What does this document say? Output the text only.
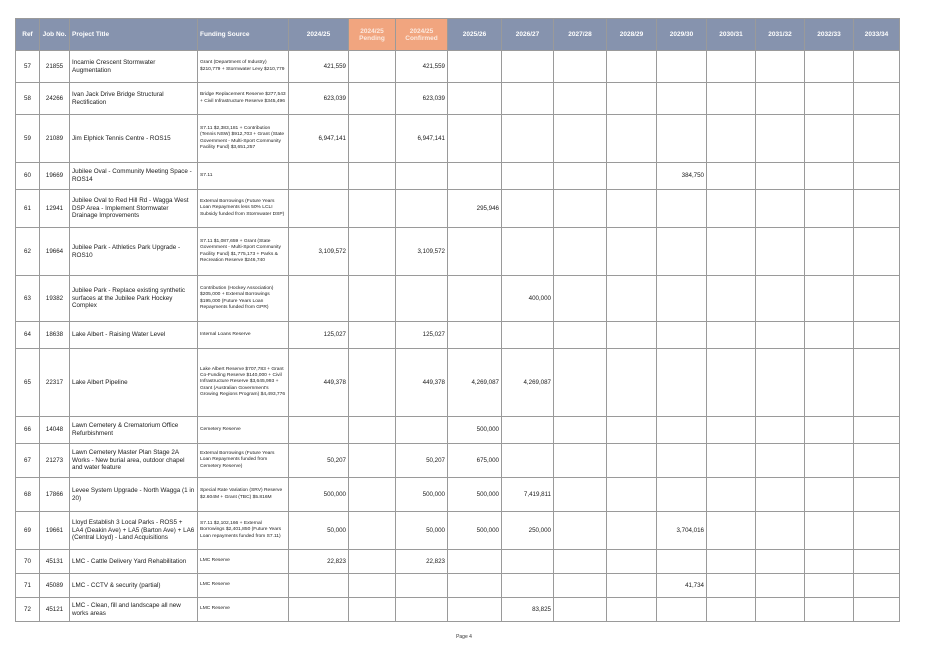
Ref	Job No.	Project Title	Funding Source	2024/25	2024/25 Pending	2024/25 Confirmed	2025/26	2026/27	2027/28	2028/29	2029/30	2030/31	2031/32	2032/33	2033/34
57	21855	Incarnie Crescent Stormwater Augmentation	Grant (Department of Industry) $210,779 + Stormwater Levy $210,779	421,559		421,559									
58	24266	Ivan Jack Drive Bridge Structural Rectification	Bridge Replacement Reserve $277,543 + Civil Infrastructure Reserve $345,496	623,039		623,039									
59	21089	Jim Elphick Tennis Centre - ROS15	S7.11 $2,383,181 + Contribution (Tennis NSW) $912,703 + Grant (State Government - Multi-Sport Community Facility Fund) $3,651,257	6,947,141		6,947,141									
60	19669	Jubilee Oval - Community Meeting Space - ROS14	S7.11								384,750				
61	12941	Jubilee Oval to Red Hill Rd - Wagga West DSP Area - Implement Stormwater Drainage Improvements	External Borrowings (Future Years Loan Repayments less 50% LCLI Subsidy funded from Stormwater DSP)				295,946								
62	19664	Jubilee Park - Athletics Park Upgrade - ROS10	S7.11 $1,087,659 + Grant (State Government - Multi-Sport Community Facility Fund) $1,775,173 + Parks & Recreation Reserve $246,740	3,109,572		3,109,572									
63	19382	Jubilee Park - Replace existing synthetic surfaces at the Jubilee Park Hockey Complex	Contribution (Hockey Association) $205,000 + External Borrowings $195,000 (Future Years Loan Repayments funded from GPR)					400,000							
64	18638	Lake Albert - Raising Water Level	Internal Loans Reserve	125,027		125,027									
65	22317	Lake Albert Pipeline	Lake Albert Reserve $707,783 + Grant Co-Funding Reserve $140,000 + Civil Infrastructure Reserve $3,645,993 + Grant (Australian Government's Growing Regions Program) $4,493,776	449,378		449,378	4,269,087	4,269,087							
66	14048	Lawn Cemetery & Crematorium Office Refurbishment	Cemetery Reserve				500,000								
67	21273	Lawn Cemetery Master Plan Stage 2A Works - New burial area, outdoor chapel and water feature	External Borrowings (Future Years Loan Repayments funded from Cemetery Reserve)	50,207		50,207	675,000								
68	17866	Levee System Upgrade - North Wagga (1 in 20)	Special Rate Variation (SRV) Reserve $2.604M + Grant (TBC) $5.816M	500,000		500,000	500,000	7,419,811							
69	19661	Lloyd Establish 3 Local Parks - ROS5 + LA4 (Deakin Ave) + LA5 (Barton Ave) + LA6 (Central Lloyd) - Land Acquisitions	S7.11 $2,102,166 + External Borrowings $2,401,850 (Future Years Loan repayments funded from S7.11)	50,000		50,000	500,000	250,000			3,704,016				
70	45131	LMC - Cattle Delivery Yard Rehabilitation	LMC Reserve	22,823		22,823									
71	45089	LMC - CCTV & security (partial)	LMC Reserve								41,734				
72	45121	LMC - Clean, fill and landscape all new works areas	LMC Reserve					83,825							
Page 4
